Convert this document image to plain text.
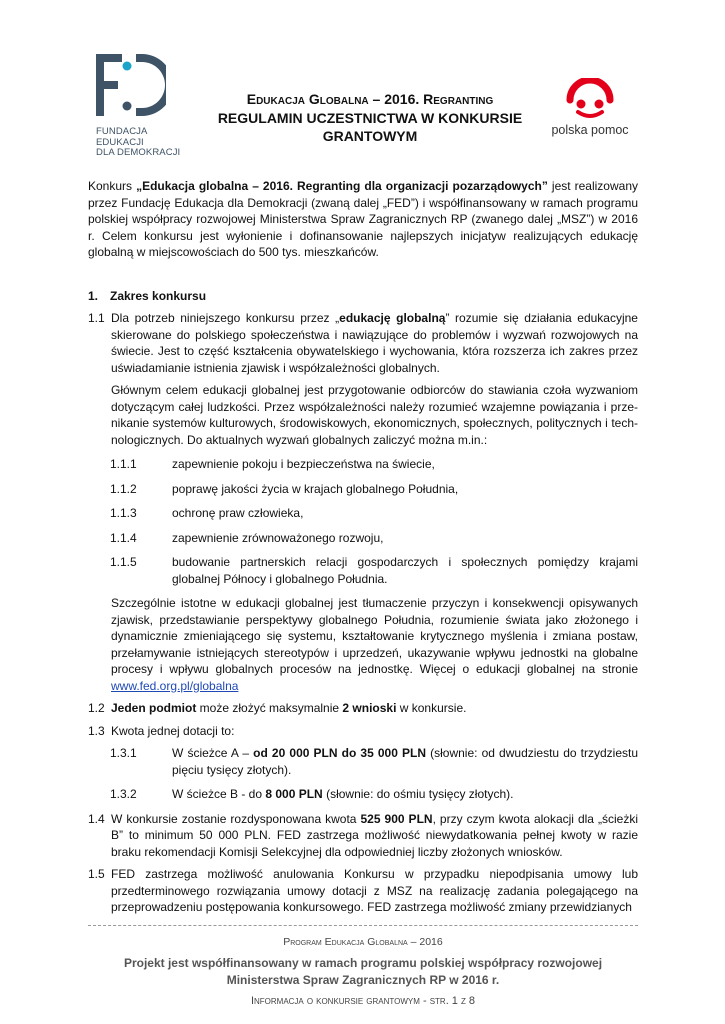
FUNDACJA
EDUKACJI
DLA DEMOKRACJI
Edukacja Globalna – 2016. Regranting
REGULAMIN UCZESTNICTWA W KONKURSIE
GRANTOWYM	polska pomoc

Konkurs „Edukacja globalna – 2016. Regranting dla organizacji pozarządowych” jest realizowany przez Fundację Edukacja dla Demokracji (zwaną dalej „FED”) i współfinansowany w ramach programu polskiej współpracy rozwojowej Ministerstwa Spraw Zagranicznych RP (zwanego dalej „MSZ”) w 2016 r. Celem konkursu jest wyłonienie i dofinansowanie najlepszych inicjatyw realizujących edukację globalną w miejscowościach do 500 tys. mieszkańców.

1. Zakres konkursu
1.1 Dla potrzeb niniejszego konkursu przez „edukację globalną” rozumie się działania edukacyjne skierowane do polskiego społeczeństwa i nawiązujące do problemów i wyzwań rozwojowych na świecie. Jest to część kształcenia obywatelskiego i wychowania, która rozszerza ich zakres przez uświadamianie istnienia zjawisk i współzależności globalnych.

Głównym celem edukacji globalnej jest przygotowanie odbiorców do stawiania czoła wyzwaniom dotyczącym całej ludzkości. Przez współzależności należy rozumieć wzajemne powiązania i prze-nikanie systemów kulturowych, środowiskowych, ekonomicznych, społecznych, politycznych i tech-nologicznych. Do aktualnych wyzwań globalnych zaliczyć można m.in.:

1.1.1	zapewnienie pokoju i bezpieczeństwa na świecie,
1.1.2	poprawę jakości życia w krajach globalnego Południa,
1.1.3	ochronę praw człowieka,
1.1.4	zapewnienie zrównoważonego rozwoju,
1.1.5	budowanie partnerskich relacji gospodarczych i społecznych pomiędzy krajami globalnej Północy i globalnego Południa.

Szczególnie istotne w edukacji globalnej jest tłumaczenie przyczyn i konsekwencji opisywanych zjawisk, przedstawianie perspektywy globalnego Południa, rozumienie świata jako złożonego i dynamicznie zmieniającego się systemu, kształtowanie krytycznego myślenia i zmiana postaw, przełamywanie istniejących stereotypów i uprzedzeń, ukazywanie wpływu jednostki na globalne procesy i wpływu globalnych procesów na jednostkę. Więcej o edukacji globalnej na stronie www.fed.org.pl/globalna

1.2 Jeden podmiot może złożyć maksymalnie 2 wnioski w konkursie.

1.3 Kwota jednej dotacji to:

1.3.1	W ścieżce A – od 20 000 PLN do 35 000 PLN (słownie: od dwudziestu do trzydziestu pięciu tysięcy złotych).

1.3.2	W ścieżce B - do 8 000 PLN (słownie: do ośmiu tysięcy złotych).

1.4 W konkursie zostanie rozdysponowana kwota 525 900 PLN, przy czym kwota alokacji dla „ścieżki B” to minimum 50 000 PLN. FED zastrzega możliwość niewydatkowania pełnej kwoty w razie braku rekomendacji Komisji Selekcyjnej dla odpowiedniej liczby złożonych wniosków.

1.5 FED zastrzega możliwość anulowania Konkursu w przypadku niepodpisania umowy lub przedterminowego rozwiązania umowy dotacji z MSZ na realizację zadania polegającego na przeprowadzeniu postępowania konkursowego. FED zastrzega możliwość zmiany przewidzianych

Program Edukacja Globalna – 2016
Projekt jest współfinansowany w ramach programu polskiej współpracy rozwojowej
Ministerstwa Spraw Zagranicznych RP w 2016 r.
Informacja o konkursie grantowym - str. 1 z 8
